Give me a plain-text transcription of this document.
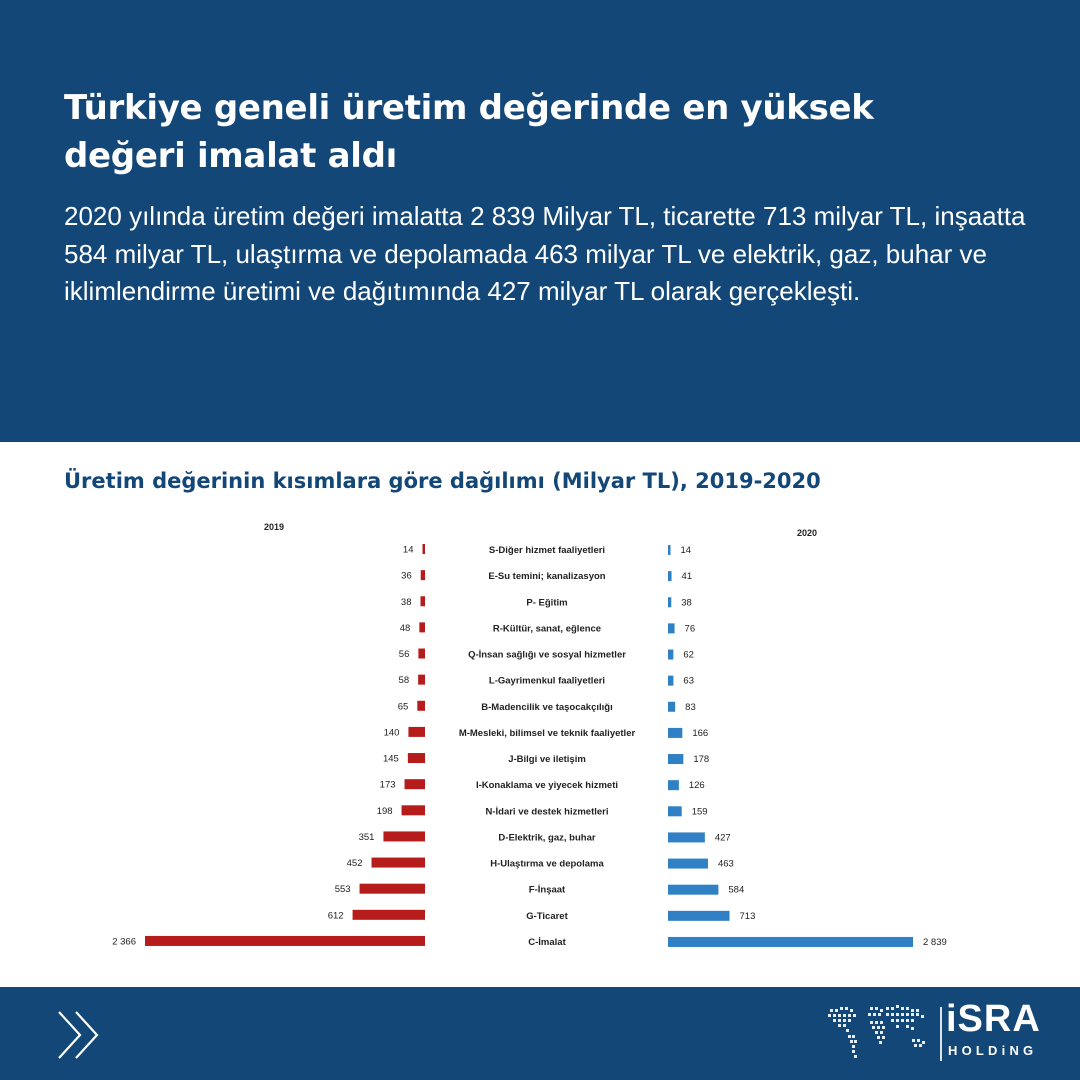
Türkiye geneli üretim değerinde en yüksek değeri imalat aldı
2020 yılında üretim değeri imalatta 2 839 Milyar TL, ticarette 713 milyar TL, inşaatta 584 milyar TL, ulaştırma ve depolamada 463 milyar TL ve elektrik, gaz, buhar ve iklimlendirme üretimi ve dağıtımında 427 milyar TL olarak gerçekleşti.
Üretim değerinin kısımlara göre dağılımı (Milyar TL), 2019-2020
2019
2020
14	S-Diğer hizmet faaliyetleri	14
36	E-Su temini; kanalizasyon	41
38	P- Eğitim	38
48	R-Kültür, sanat, eğlence	76
56	Q-İnsan sağlığı ve sosyal hizmetler	62
58	L-Gayrimenkul faaliyetleri	63
65	B-Madencilik ve taşocakçılığı	83
140	M-Mesleki, bilimsel ve teknik faaliyetler	166
145	J-Bilgi ve iletişim	178
173	I-Konaklama ve yiyecek hizmeti	126
198	N-İdari ve destek hizmetleri	159
351	D-Elektrik, gaz, buhar	427
452	H-Ulaştırma ve depolama	463
553	F-İnşaat	584
612	G-Ticaret	713
2 366	C-İmalat	2 839
iSRA
HOLDiNG
